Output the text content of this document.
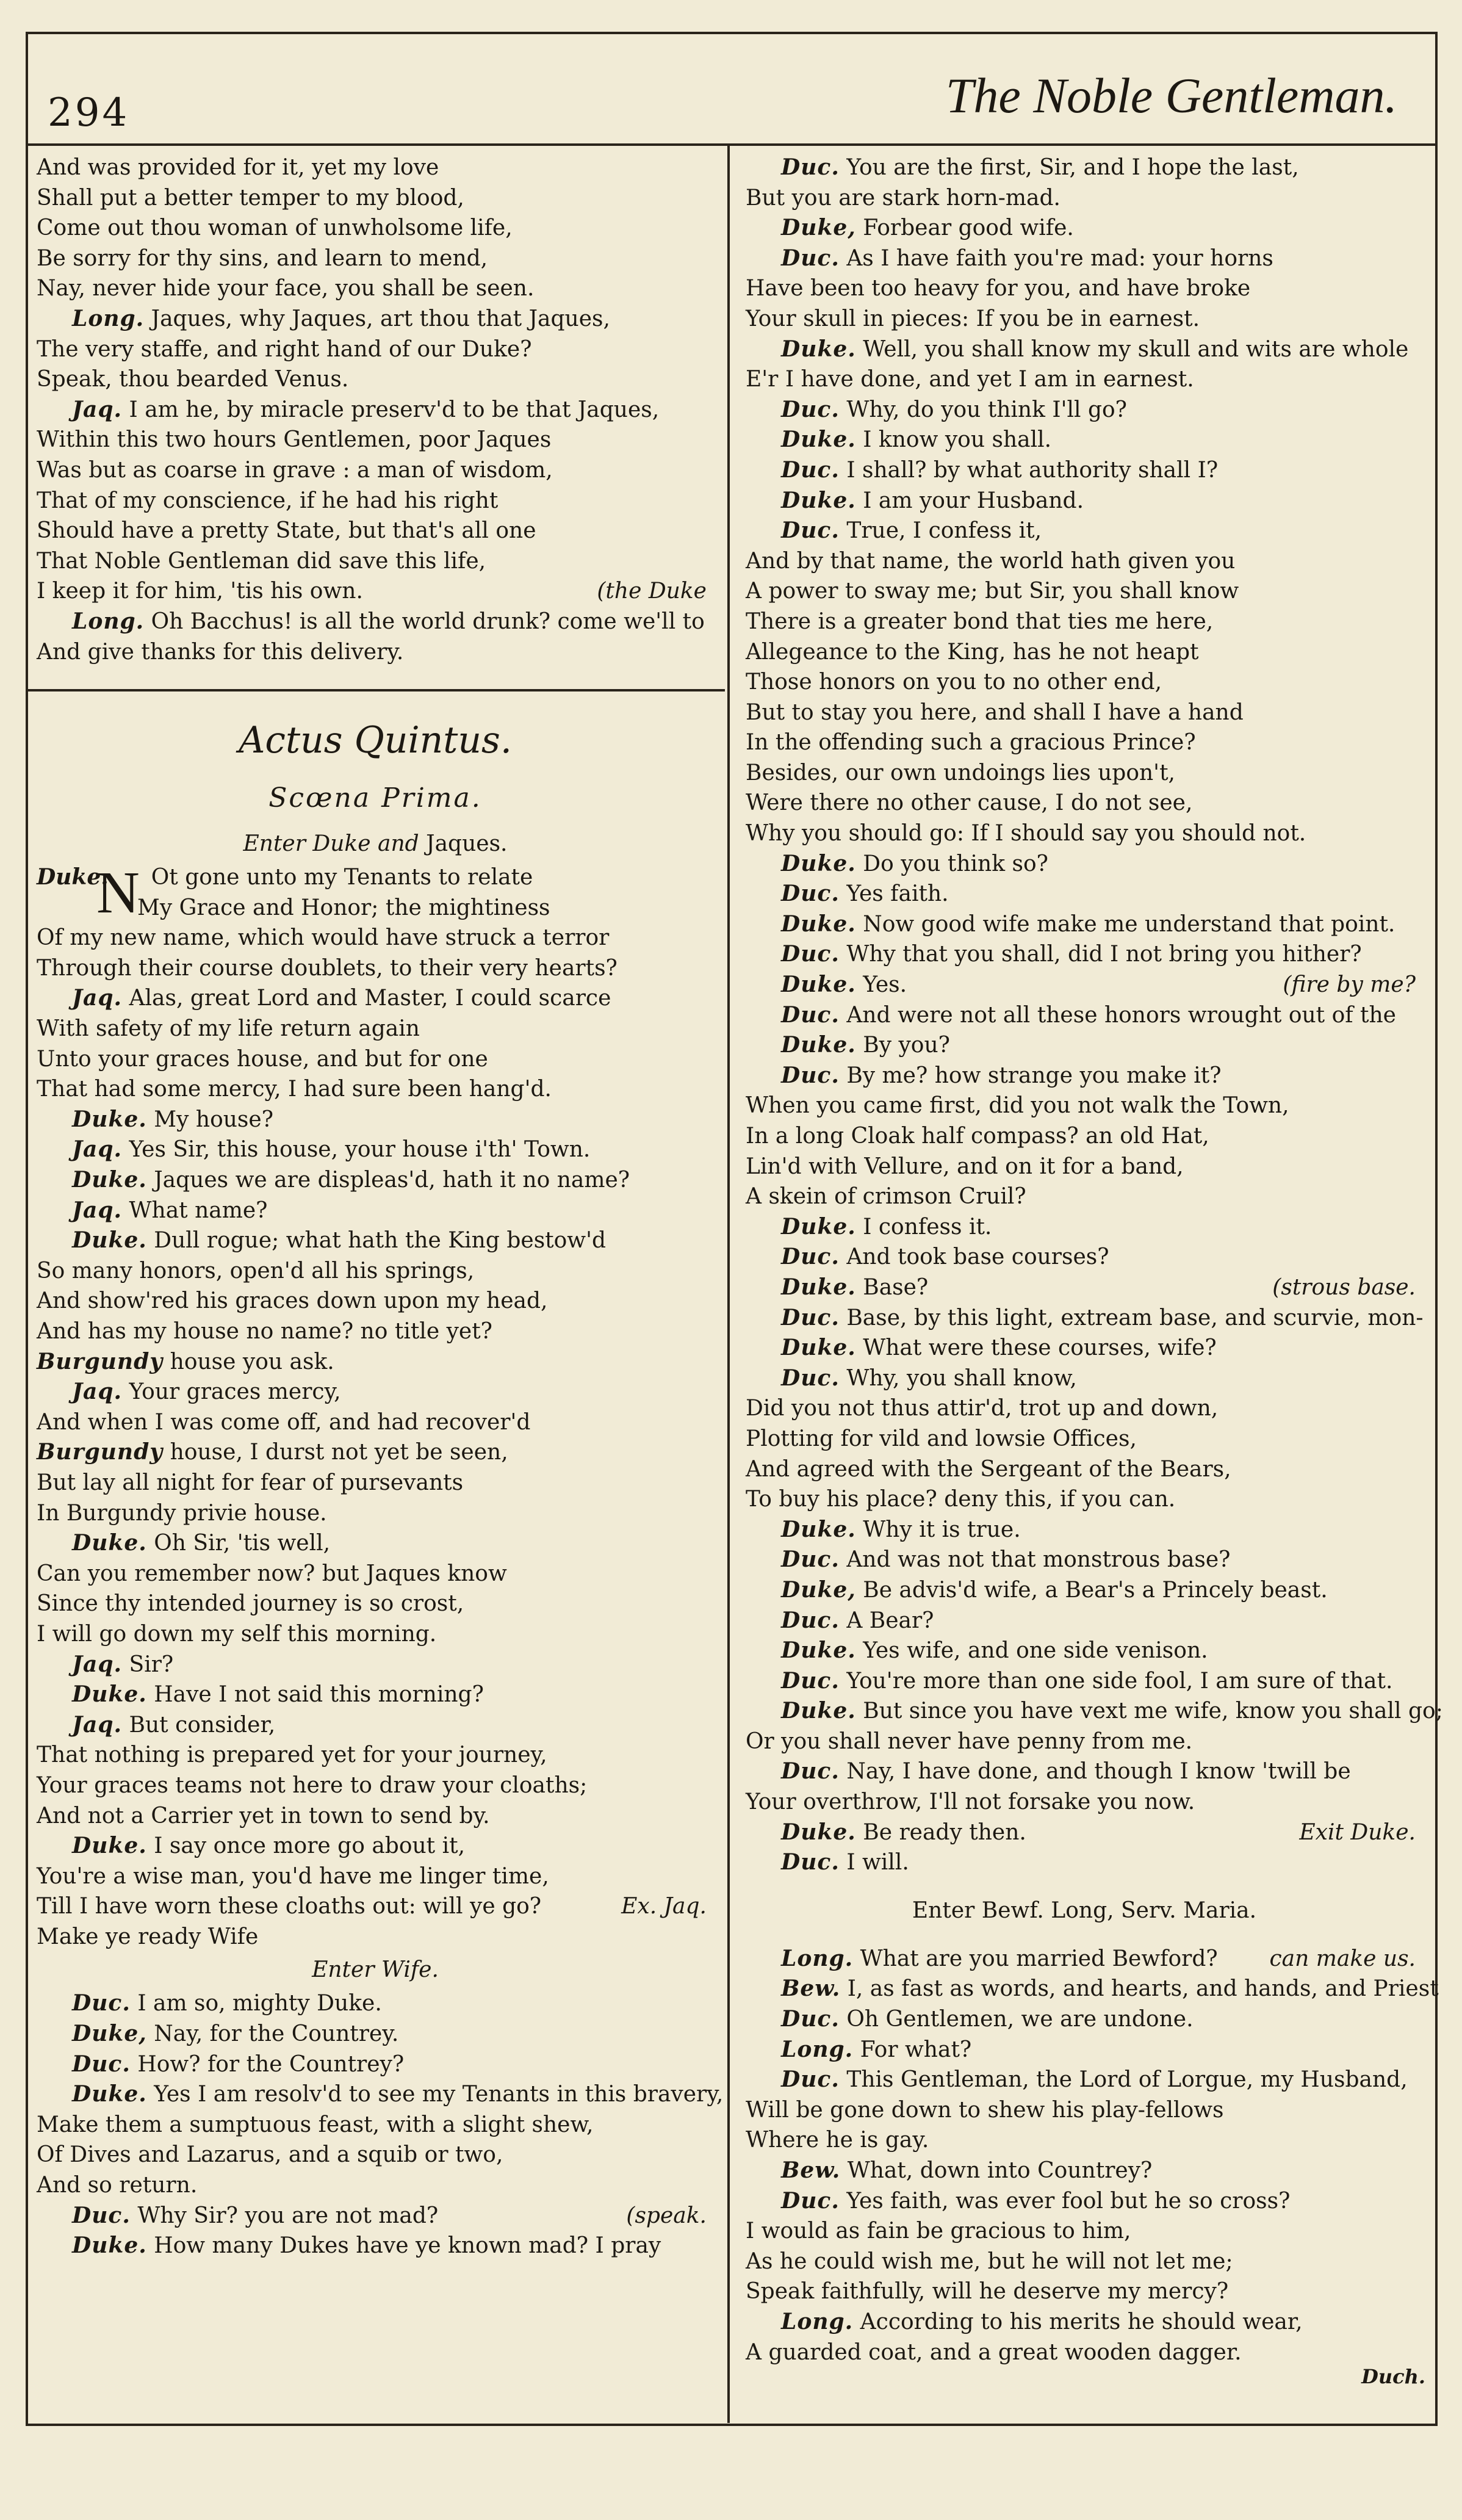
294	The Noble Gentleman.
And was provided for it, yet my love
Shall put a better temper to my blood,
Come out thou woman of unwholsome life,
Be sorry for thy sins, and learn to mend,
Nay, never hide your face, you shall be seen.
Long. Jaques, why Jaques, art thou that Jaques,
The very staffe, and right hand of our Duke?
Speak, thou bearded Venus.
Jaq. I am he, by miracle preserv'd to be that Jaques,
Within this two hours Gentlemen, poor Jaques
Was but as coarse in grave : a man of wisdom,
That of my conscience, if he had his right
Should have a pretty State, but that's all one
That Noble Gentleman did save this life,
I keep it for him, 'tis his own.	(the Duke
Long. Oh Bacchus! is all the world drunk? come we'll to
And give thanks for this delivery.
Actus Quintus.
Scœna Prima.
Enter Duke and Jaques.
N
Duke. Ot gone unto my Tenants to relate
My Grace and Honor; the mightiness
Of my new name, which would have struck a terror
Through their course doublets, to their very hearts?
Jaq. Alas, great Lord and Master, I could scarce
With safety of my life return again
Unto your graces house, and but for one
That had some mercy, I had sure been hang'd.
Duke. My house?
Jaq. Yes Sir, this house, your house i'th' Town.
Duke. Jaques we are displeas'd, hath it no name?
Jaq. What name?
Duke. Dull rogue; what hath the King bestow'd
So many honors, open'd all his springs,
And show'red his graces down upon my head,
And has my house no name? no title yet?
Burgundy house you ask.
Jaq. Your graces mercy,
And when I was come off, and had recover'd
Burgundy house, I durst not yet be seen,
But lay all night for fear of pursevants
In Burgundy privie house.
Duke. Oh Sir, 'tis well,
Can you remember now? but Jaques know
Since thy intended journey is so crost,
I will go down my self this morning.
Jaq. Sir?
Duke. Have I not said this morning?
Jaq. But consider,
That nothing is prepared yet for your journey,
Your graces teams not here to draw your cloaths;
And not a Carrier yet in town to send by.
Duke. I say once more go about it,
You're a wise man, you'd have me linger time,
Till I have worn these cloaths out: will ye go?	Ex. Jaq.
Make ye ready Wife
Enter Wife.
Duc. I am so, mighty Duke.
Duke, Nay, for the Countrey.
Duc. How? for the Countrey?
Duke. Yes I am resolv'd to see my Tenants in this bravery,
Make them a sumptuous feast, with a slight shew,
Of Dives and Lazarus, and a squib or two,
And so return.
Duc. Why Sir? you are not mad?	(speak.
Duke. How many Dukes have ye known mad? I pray
Duc. You are the first, Sir, and I hope the last,
But you are stark horn-mad.
Duke, Forbear good wife.
Duc. As I have faith you're mad: your horns
Have been too heavy for you, and have broke
Your skull in pieces: If you be in earnest.
Duke. Well, you shall know my skull and wits are whole
E'r I have done, and yet I am in earnest.
Duc. Why, do you think I'll go?
Duke. I know you shall.
Duc. I shall? by what authority shall I?
Duke. I am your Husband.
Duc. True, I confess it,
And by that name, the world hath given you
A power to sway me; but Sir, you shall know
There is a greater bond that ties me here,
Allegeance to the King, has he not heapt
Those honors on you to no other end,
But to stay you here, and shall I have a hand
In the offending such a gracious Prince?
Besides, our own undoings lies upon't,
Were there no other cause, I do not see,
Why you should go: If I should say you should not.
Duke. Do you think so?
Duc. Yes faith.
Duke. Now good wife make me understand that point.
Duc. Why that you shall, did I not bring you hither?
Duke. Yes.	(fire by me?
Duc. And were not all these honors wrought out of the
Duke. By you?
Duc. By me? how strange you make it?
When you came first, did you not walk the Town,
In a long Cloak half compass? an old Hat,
Lin'd with Vellure, and on it for a band,
A skein of crimson Cruil?
Duke. I confess it.
Duc. And took base courses?
Duke. Base?	(strous base.
Duc. Base, by this light, extream base, and scurvie, mon-
Duke. What were these courses, wife?
Duc. Why, you shall know,
Did you not thus attir'd, trot up and down,
Plotting for vild and lowsie Offices,
And agreed with the Sergeant of the Bears,
To buy his place? deny this, if you can.
Duke. Why it is true.
Duc. And was not that monstrous base?
Duke, Be advis'd wife, a Bear's a Princely beast.
Duc. A Bear?
Duke. Yes wife, and one side venison.
Duc. You're more than one side fool, I am sure of that.
Duke. But since you have vext me wife, know you shall go;
Or you shall never have penny from me.
Duc. Nay, I have done, and though I know 'twill be
Your overthrow, I'll not forsake you now.
Duke. Be ready then.	Exit Duke.
Duc. I will.
Enter Bewf. Long, Serv. Maria.
Long. What are you married Bewford? can make us.
Bew. I, as fast as words, and hearts, and hands, and Priest
Duc. Oh Gentlemen, we are undone.
Long. For what?
Duc. This Gentleman, the Lord of Lorgue, my Husband,
Will be gone down to shew his play-fellows
Where he is gay.
Bew. What, down into Countrey?
Duc. Yes faith, was ever fool but he so cross?
I would as fain be gracious to him,
As he could wish me, but he will not let me;
Speak faithfully, will he deserve my mercy?
Long. According to his merits he should wear,
A guarded coat, and a great wooden dagger.
Duch.
